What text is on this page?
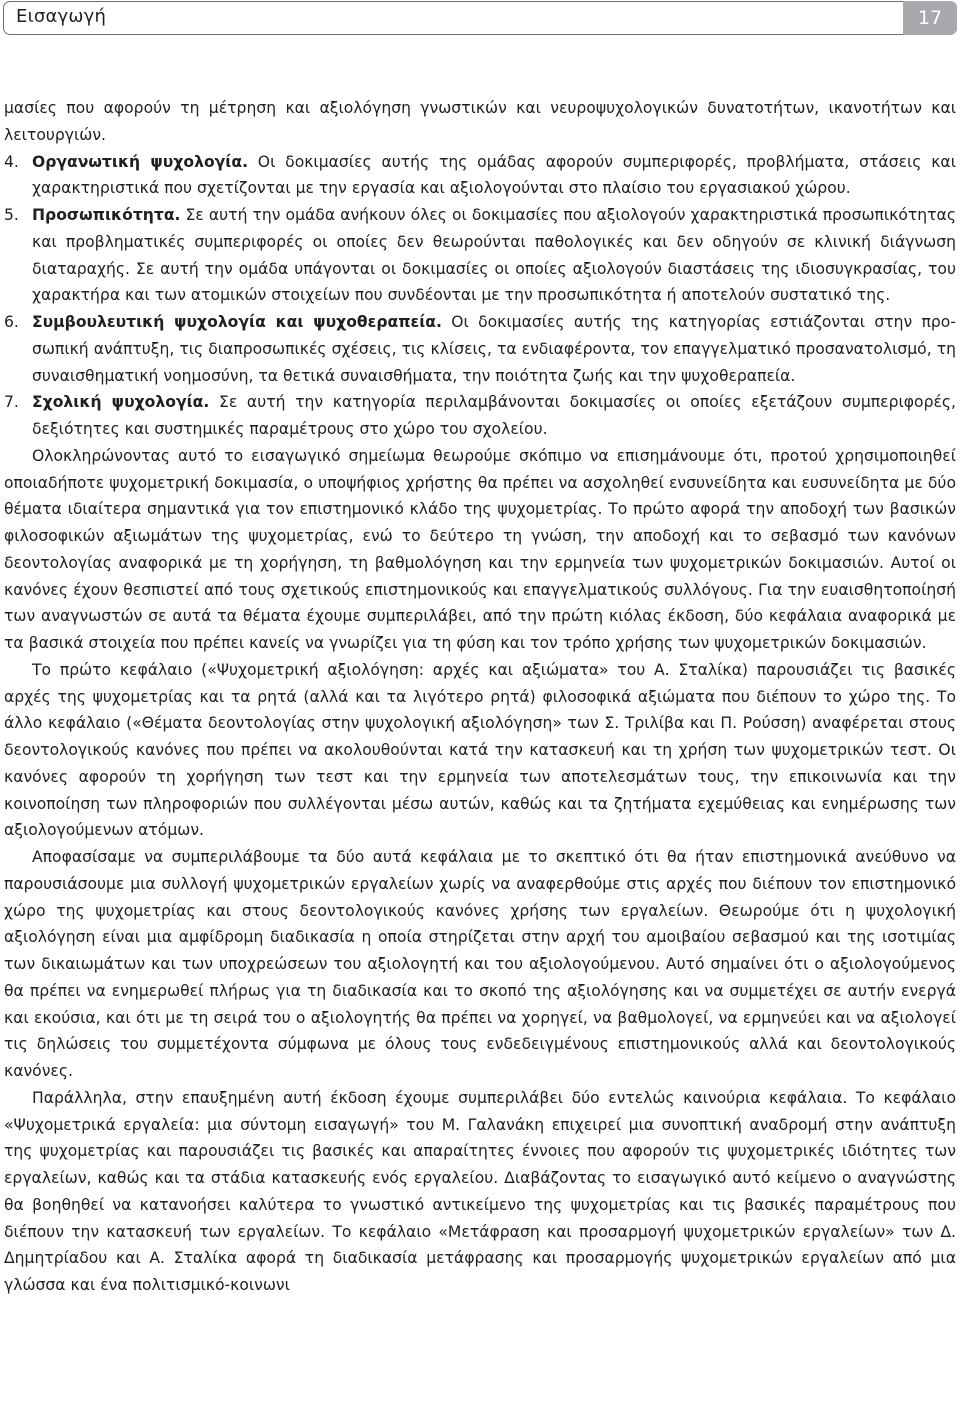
Εισαγωγή	17

μασίες που αφορούν τη μέτρηση και αξιολόγηση γνωστικών και νευροψυχολογικών δυνατοτήτων, ικανοτήτων και λειτουργιών.

4. Οργανωτική ψυχολογία. Οι δοκιμασίες αυτής της ομάδας αφορούν συμπεριφορές, προβλήματα, στάσεις και χαρακτηριστικά που σχετίζονται με την εργασία και αξιολογούνται στο πλαίσιο του εργασιακού χώρου.

5. Προσωπικότητα. Σε αυτή την ομάδα ανήκουν όλες οι δοκιμασίες που αξιολογούν χαρακτηριστικά προσωπικότητας και προβληματικές συμπεριφορές οι οποίες δεν θεωρούνται παθολογικές και δεν οδηγούν σε κλινική διάγνωση διαταραχής. Σε αυτή την ομάδα υπάγονται οι δοκιμασίες οι οποίες αξιολογούν διαστάσεις της ιδιοσυγκρασίας, του χαρακτήρα και των ατομικών στοιχείων που συνδέονται με την προσωπικότητα ή αποτελούν συστατικό της.

6. Συμβουλευτική ψυχολογία και ψυχοθεραπεία. Οι δοκιμασίες αυτής της κατηγορίας εστιάζονται στην προσωπική ανάπτυξη, τις διαπροσωπικές σχέσεις, τις κλίσεις, τα ενδιαφέροντα, τον επαγγελματικό προσανατολισμό, τη συναισθηματική νοημοσύνη, τα θετικά συναισθήματα, την ποιότητα ζωής και την ψυχοθεραπεία.

7. Σχολική ψυχολογία. Σε αυτή την κατηγορία περιλαμβάνονται δοκιμασίες οι οποίες εξετάζουν συμπεριφορές, δεξιότητες και συστημικές παραμέτρους στο χώρο του σχολείου.

Ολοκληρώνοντας αυτό το εισαγωγικό σημείωμα θεωρούμε σκόπιμο να επισημάνουμε ότι, προτού χρησιμοποιηθεί οποιαδήποτε ψυχομετρική δοκιμασία, ο υποψήφιος χρήστης θα πρέπει να ασχοληθεί ενσυνείδητα και ευσυνείδητα με δύο θέματα ιδιαίτερα σημαντικά για τον επιστημονικό κλάδο της ψυχομετρίας. Το πρώτο αφορά την αποδοχή των βασικών φιλοσοφικών αξιωμάτων της ψυχομετρίας, ενώ το δεύτερο τη γνώση, την αποδοχή και το σεβασμό των κανόνων δεοντολογίας αναφορικά με τη χορήγηση, τη βαθμολόγηση και την ερμηνεία των ψυχομετρικών δοκιμασιών. Αυτοί οι κανόνες έχουν θεσπιστεί από τους σχετικούς επιστημονικούς και επαγγελματικούς συλλόγους. Για την ευαισθητοποίησή των αναγνωστών σε αυτά τα θέματα έχουμε συμπεριλάβει, από την πρώτη κιόλας έκδοση, δύο κεφάλαια αναφορικά με τα βασικά στοιχεία που πρέπει κανείς να γνωρίζει για τη φύση και τον τρόπο χρήσης των ψυχομετρικών δοκιμασιών.

Το πρώτο κεφάλαιο («Ψυχομετρική αξιολόγηση: αρχές και αξιώματα» του Α. Σταλίκα) παρουσιάζει τις βασικές αρχές της ψυχομετρίας και τα ρητά (αλλά και τα λιγότερο ρητά) φιλοσοφικά αξιώματα που διέπουν το χώρο της. Το άλλο κεφάλαιο («Θέματα δεοντολογίας στην ψυχολογική αξιολόγηση» των Σ. Τριλίβα και Π. Ρούσση) αναφέρεται στους δεοντολογικούς κανόνες που πρέπει να ακολουθούνται κατά την κατασκευή και τη χρήση των ψυχομετρικών τεστ. Οι κανόνες αφορούν τη χορήγηση των τεστ και την ερμηνεία των αποτελεσμάτων τους, την επικοινωνία και την κοινοποίηση των πληροφοριών που συλλέγονται μέσω αυτών, καθώς και τα ζητήματα εχεμύθειας και ενημέρωσης των αξιολογούμενων ατόμων.

Αποφασίσαμε να συμπεριλάβουμε τα δύο αυτά κεφάλαια με το σκεπτικό ότι θα ήταν επιστημονικά ανεύθυνο να παρουσιάσουμε μια συλλογή ψυχομετρικών εργαλείων χωρίς να αναφερθούμε στις αρχές που διέπουν τον επιστημονικό χώρο της ψυχομετρίας και στους δεοντολογικούς κανόνες χρήσης των εργαλείων. Θεωρούμε ότι η ψυχολογική αξιολόγηση είναι μια αμφίδρομη διαδικασία η οποία στηρίζεται στην αρχή του αμοιβαίου σεβασμού και της ισοτιμίας των δικαιωμάτων και των υποχρεώσεων του αξιολογητή και του αξιολογούμενου. Αυτό σημαίνει ότι ο αξιολογούμενος θα πρέπει να ενημερωθεί πλήρως για τη διαδικασία και το σκοπό της αξιολόγησης και να συμμετέχει σε αυτήν ενεργά και εκούσια, και ότι με τη σειρά του ο αξιολογητής θα πρέπει να χορηγεί, να βαθμολογεί, να ερμηνεύει και να αξιολογεί τις δηλώσεις του συμμετέχοντα σύμφωνα με όλους τους ενδεδειγμένους επιστημονικούς αλλά και δεοντολογικούς κανόνες.

Παράλληλα, στην επαυξημένη αυτή έκδοση έχουμε συμπεριλάβει δύο εντελώς καινούρια κεφάλαια. Το κεφάλαιο «Ψυχομετρικά εργαλεία: μια σύντομη εισαγωγή» του Μ. Γαλανάκη επιχειρεί μια συνοπτική αναδρομή στην ανάπτυξη της ψυχομετρίας και παρουσιάζει τις βασικές και απαραίτητες έννοιες που αφορούν τις ψυχομετρικές ιδιότητες των εργαλείων, καθώς και τα στάδια κατασκευής ενός εργαλείου. Διαβάζοντας το εισαγωγικό αυτό κείμενο ο αναγνώστης θα βοηθηθεί να κατανοήσει καλύτερα το γνωστικό αντικείμενο της ψυχομετρίας και τις βασικές παραμέτρους που διέπουν την κατασκευή των εργαλείων. Το κεφάλαιο «Μετάφραση και προσαρμογή ψυχομετρικών εργαλείων» των Δ. Δημητρίαδου και Α. Σταλίκα αφορά τη διαδικασία μετάφρασης και προσαρμογής ψυχομετρικών εργαλείων από μια γλώσσα και ένα πολιτισμικό-κοινωνι
